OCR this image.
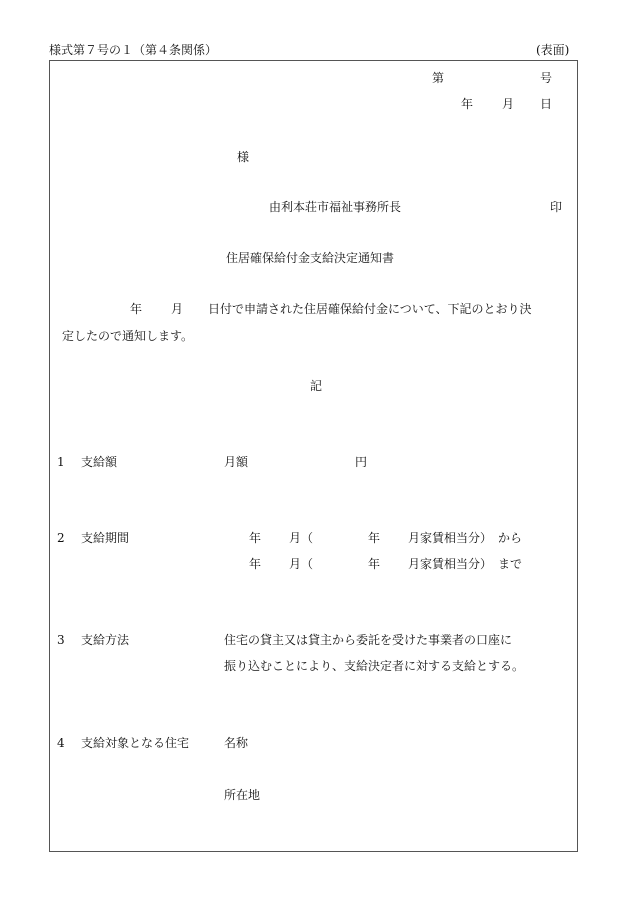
様式第７号の１（第４条関係）	(表面)
第	号
年 月 日
様
由利本荘市福祉事務所長	印
住居確保給付金支給決定通知書
年 月 日付で申請された住居確保給付金について、下記のとおり決
定したので通知します。
記
1 支給額	月額	円
2 支給期間	年 月（	年 月家賃相当分） から
年 月（	年 月家賃相当分） まで
3 支給方法	住宅の貸主又は貸主から委託を受けた事業者の口座に
振り込むことにより、支給決定者に対する支給とする。
4 支給対象となる住宅	名称
所在地
